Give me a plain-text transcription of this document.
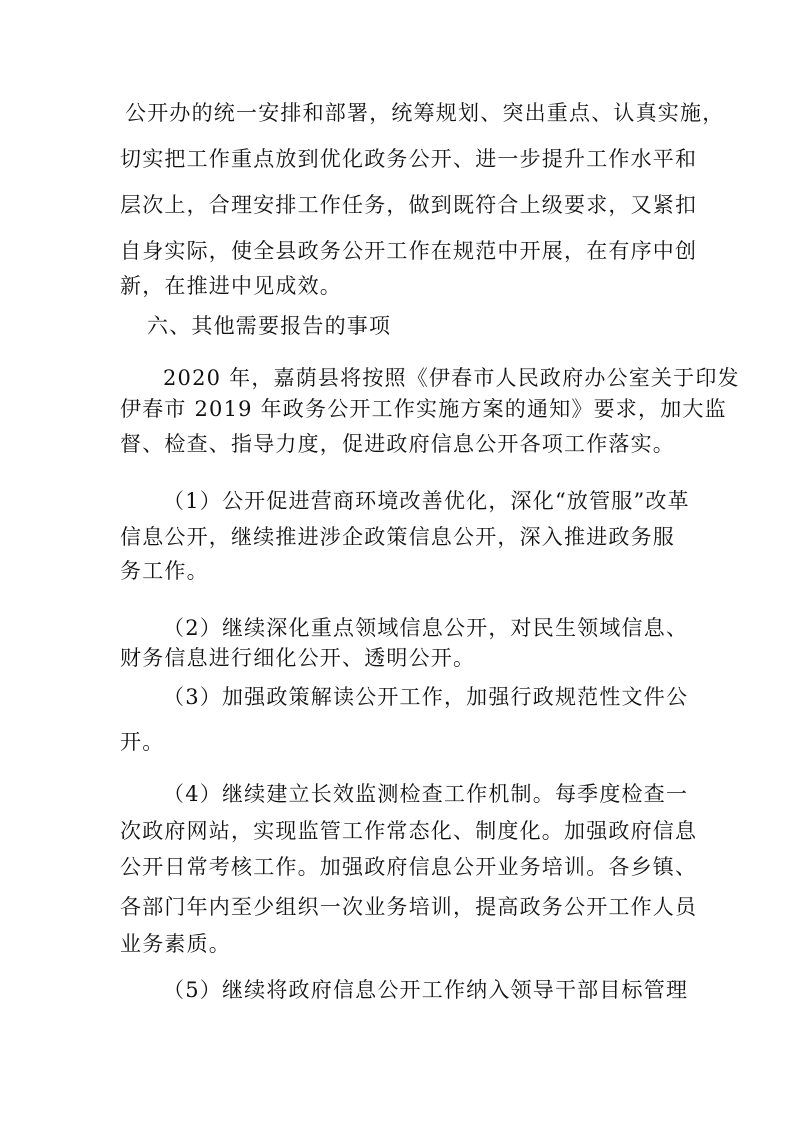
公开办的统一安排和部署，统筹规划、突出重点、认真实施，

切实把工作重点放到优化政务公开、进一步提升工作水平和

层次上，合理安排工作任务，做到既符合上级要求，又紧扣

自身实际，使全县政务公开工作在规范中开展，在有序中创

新，在推进中见成效。

六、其他需要报告的事项

2020 年，嘉荫县将按照《伊春市人民政府办公室关于印发

伊春市 2019 年政务公开工作实施方案的通知》要求，加大监

督、检查、指导力度，促进政府信息公开各项工作落实。

（1）公开促进营商环境改善优化，深化“放管服”改革

信息公开，继续推进涉企政策信息公开，深入推进政务服

务工作。

（2）继续深化重点领域信息公开，对民生领域信息、

财务信息进行细化公开、透明公开。

（3）加强政策解读公开工作，加强行政规范性文件公

开。

（4）继续建立长效监测检查工作机制。每季度检查一

次政府网站，实现监管工作常态化、制度化。加强政府信息

公开日常考核工作。加强政府信息公开业务培训。各乡镇、

各部门年内至少组织一次业务培训，提高政务公开工作人员

业务素质。

（5）继续将政府信息公开工作纳入领导干部目标管理
